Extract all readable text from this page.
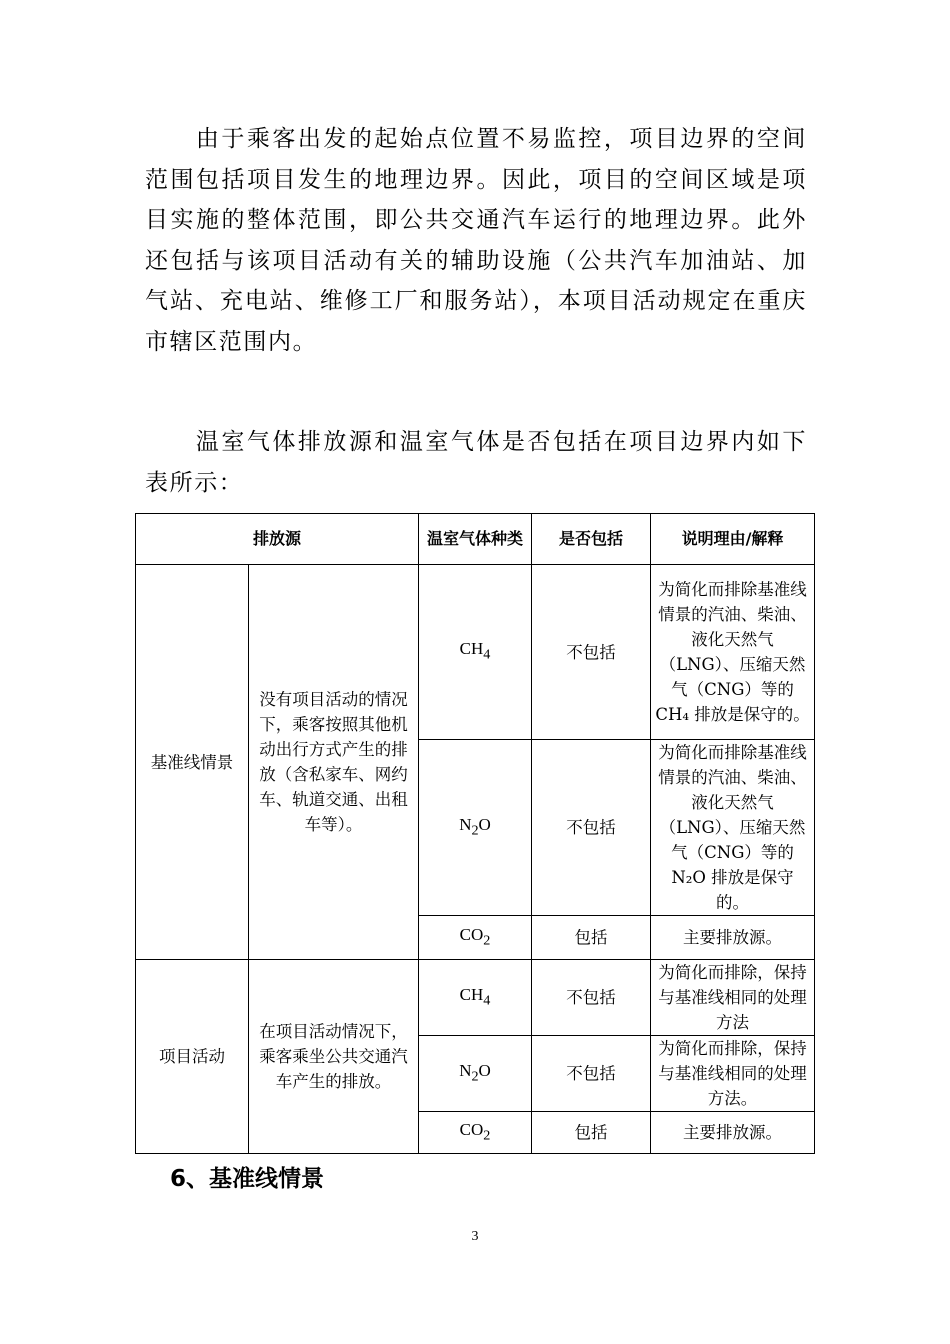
由于乘客出发的起始点位置不易监控，项目边界的空间范围包括项目发生的地理边界。因此，项目的空间区域是项目实施的整体范围，即公共交通汽车运行的地理边界。此外还包括与该项目活动有关的辅助设施（公共汽车加油站、加气站、充电站、维修工厂和服务站），本项目活动规定在重庆市辖区范围内。

温室气体排放源和温室气体是否包括在项目边界内如下表所示：

排放源		温室气体种类	是否包括	说明理由/解释
基准线情景	没有项目活动的情况下，乘客按照其他机动出行方式产生的排放（含私家车、网约车、轨道交通、出租车等）。	$CH_4$	不包括	为简化而排除基准线情景的汽油、柴油、液化天然气（LNG）、压缩天然气（CNG）等的CH₄ 排放是保守的。
		$N_2O$	不包括	为简化而排除基准线情景的汽油、柴油、液化天然气（LNG）、压缩天然气（CNG）等的N₂O 排放是保守的。
		$CO_2$	包括	主要排放源。
项目活动	在项目活动情况下，乘客乘坐公共交通汽车产生的排放。	$CH_4$	不包括	为简化而排除，保持与基准线相同的处理方法
		$N_2O$	不包括	为简化而排除，保持与基准线相同的处理方法。
		$CO_2$	包括	主要排放源。
6、基准线情景
3
